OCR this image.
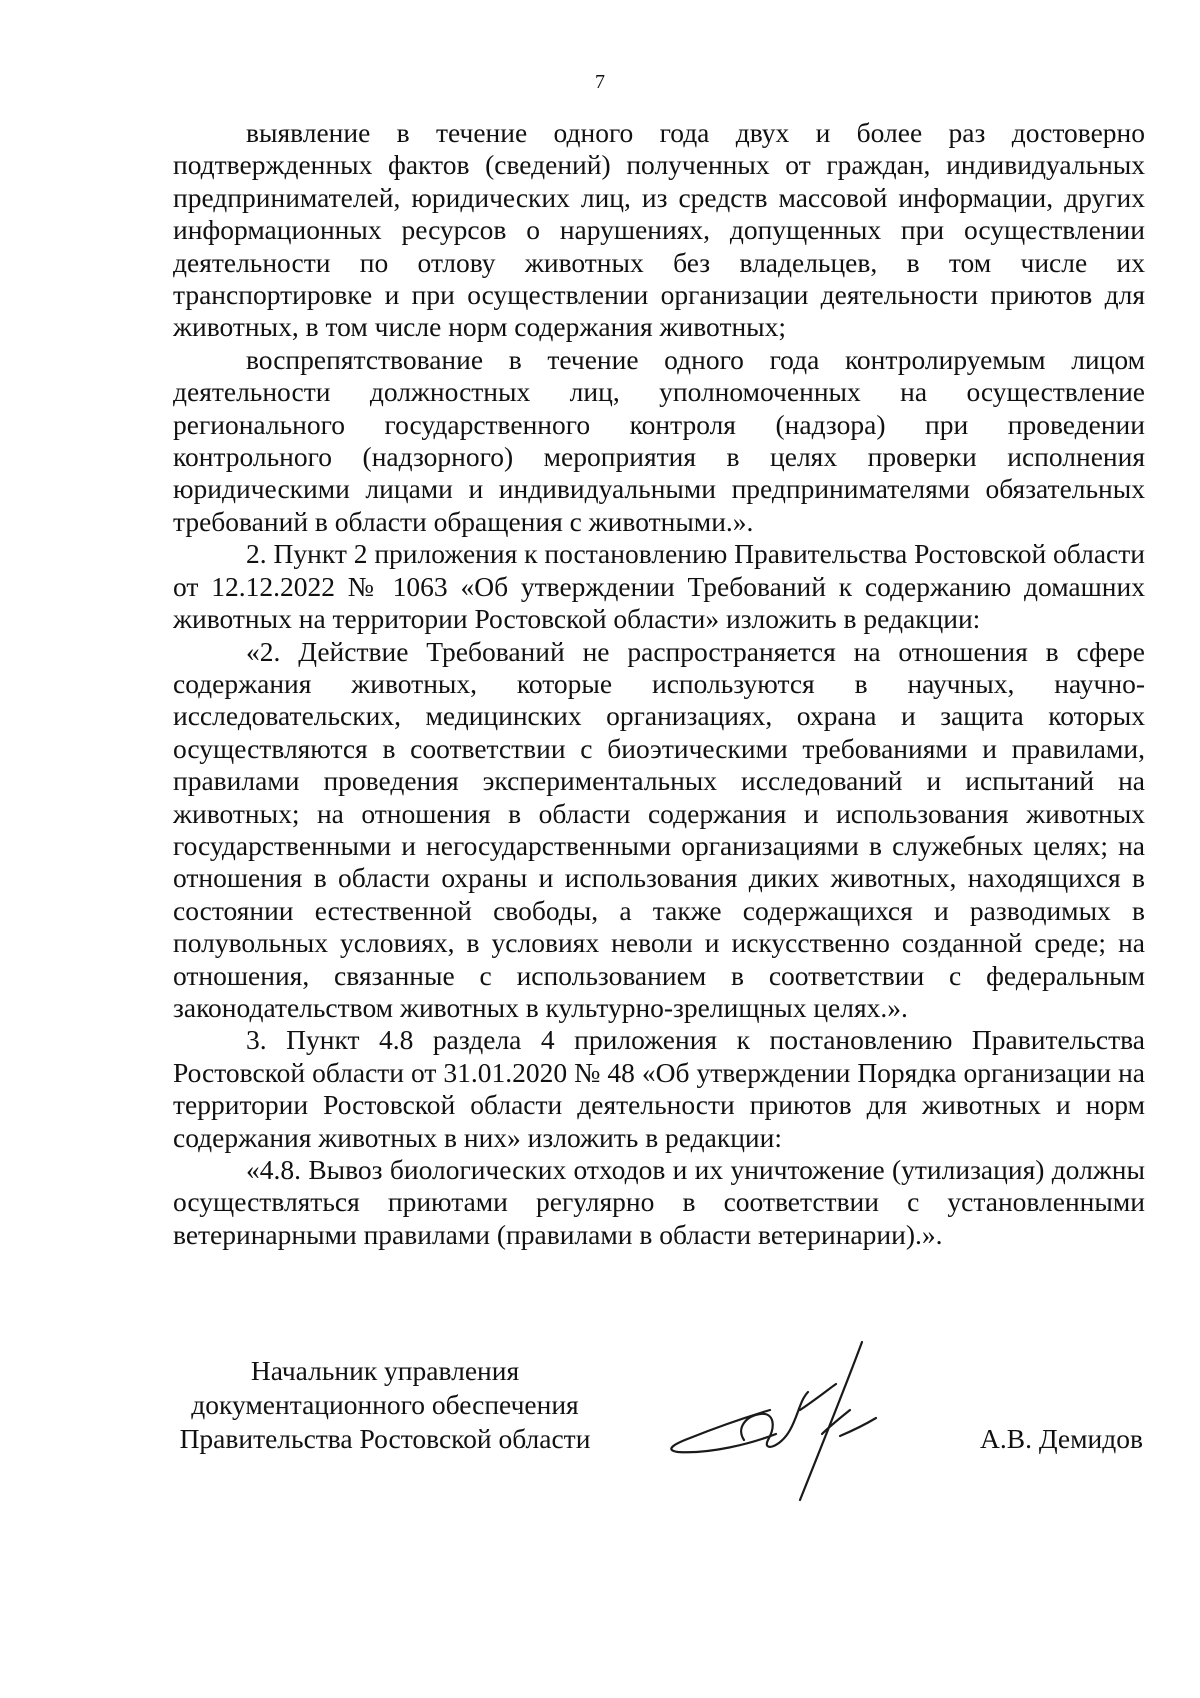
7

выявление в течение одного года двух и более раз достоверно подтвержденных фактов (сведений) полученных от граждан, индивидуальных предпринимателей, юридических лиц, из средств массовой информации, других информационных ресурсов о нарушениях, допущенных при осуществлении деятельности по отлову животных без владельцев, в том числе их транспортировке и при осуществлении организации деятельности приютов для животных, в том числе норм содержания животных;

воспрепятствование в течение одного года контролируемым лицом деятельности должностных лиц, уполномоченных на осуществление регионального государственного контроля (надзора) при проведении контрольного (надзорного) мероприятия в целях проверки исполнения юридическими лицами и индивидуальными предпринимателями обязательных требований в области обращения с животными.».

2. Пункт 2 приложения к постановлению Правительства Ростовской области от 12.12.2022 № 1063 «Об утверждении Требований к содержанию домашних животных на территории Ростовской области» изложить в редакции:

«2. Действие Требований не распространяется на отношения в сфере содержания животных, которые используются в научных, научно-исследовательских, медицинских организациях, охрана и защита которых осуществляются в соответствии с биоэтическими требованиями и правилами, правилами проведения экспериментальных исследований и испытаний на животных; на отношения в области содержания и использования животных государственными и негосударственными организациями в служебных целях; на отношения в области охраны и использования диких животных, находящихся в состоянии естественной свободы, а также содержащихся и разводимых в полувольных условиях, в условиях неволи и искусственно созданной среде; на отношения, связанные с использованием в соответствии с федеральным законодательством животных в культурно-зрелищных целях.».

3. Пункт 4.8 раздела 4 приложения к постановлению Правительства Ростовской области от 31.01.2020 № 48 «Об утверждении Порядка организации на территории Ростовской области деятельности приютов для животных и норм содержания животных в них» изложить в редакции:

«4.8. Вывоз биологических отходов и их уничтожение (утилизация) должны осуществляться приютами регулярно в соответствии с установленными ветеринарными правилами (правилами в области ветеринарии).».

Начальник управления
документационного обеспечения
Правительства Ростовской области	А.В. Демидов
